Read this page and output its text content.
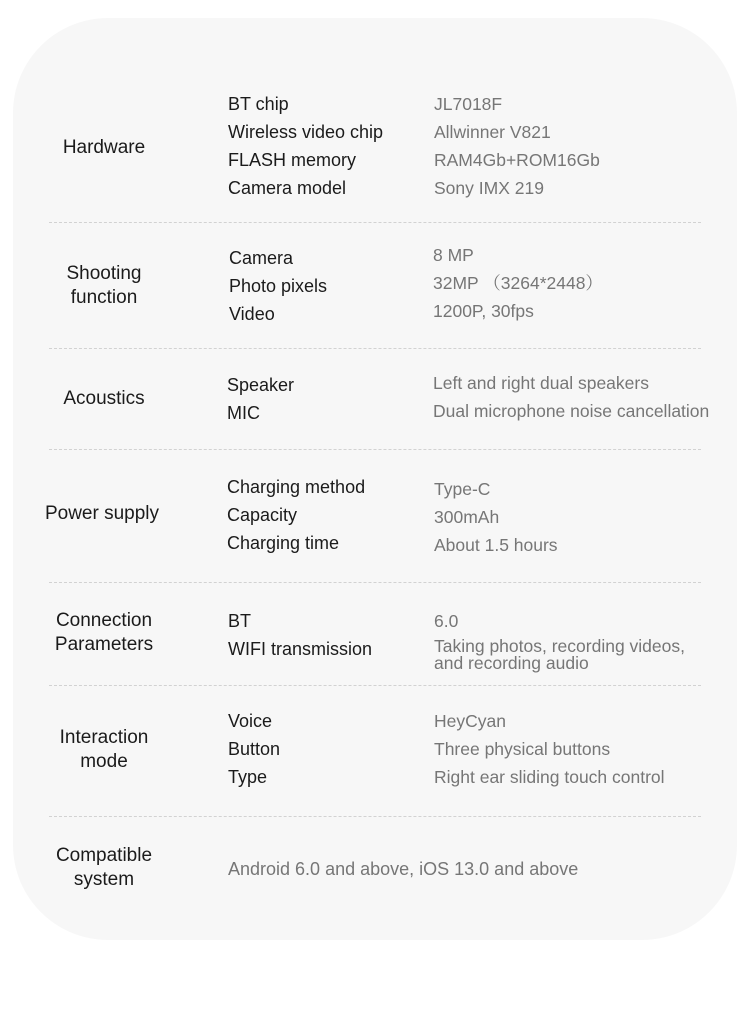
Hardware
BT chip	JL7018F
Wireless video chip	Allwinner V821
FLASH memory	RAM4Gb+ROM16Gb
Camera model	Sony IMX 219
Shooting
function
Camera	8 MP
Photo pixels	32MP （3264*2448）
Video	1200P, 30fps
Acoustics
Speaker	Left and right dual speakers
MIC	Dual microphone noise cancellation
Power supply
Charging method	Type-C
Capacity	300mAh
Charging time	About 1.5 hours
Connection
Parameters
BT	6.0
WIFI transmission	Taking photos, recording videos,
and recording audio
Interaction
mode
Voice	HeyCyan
Button	Three physical buttons
Type	Right ear sliding touch control
Compatible
system	Android 6.0 and above, iOS 13.0 and above
